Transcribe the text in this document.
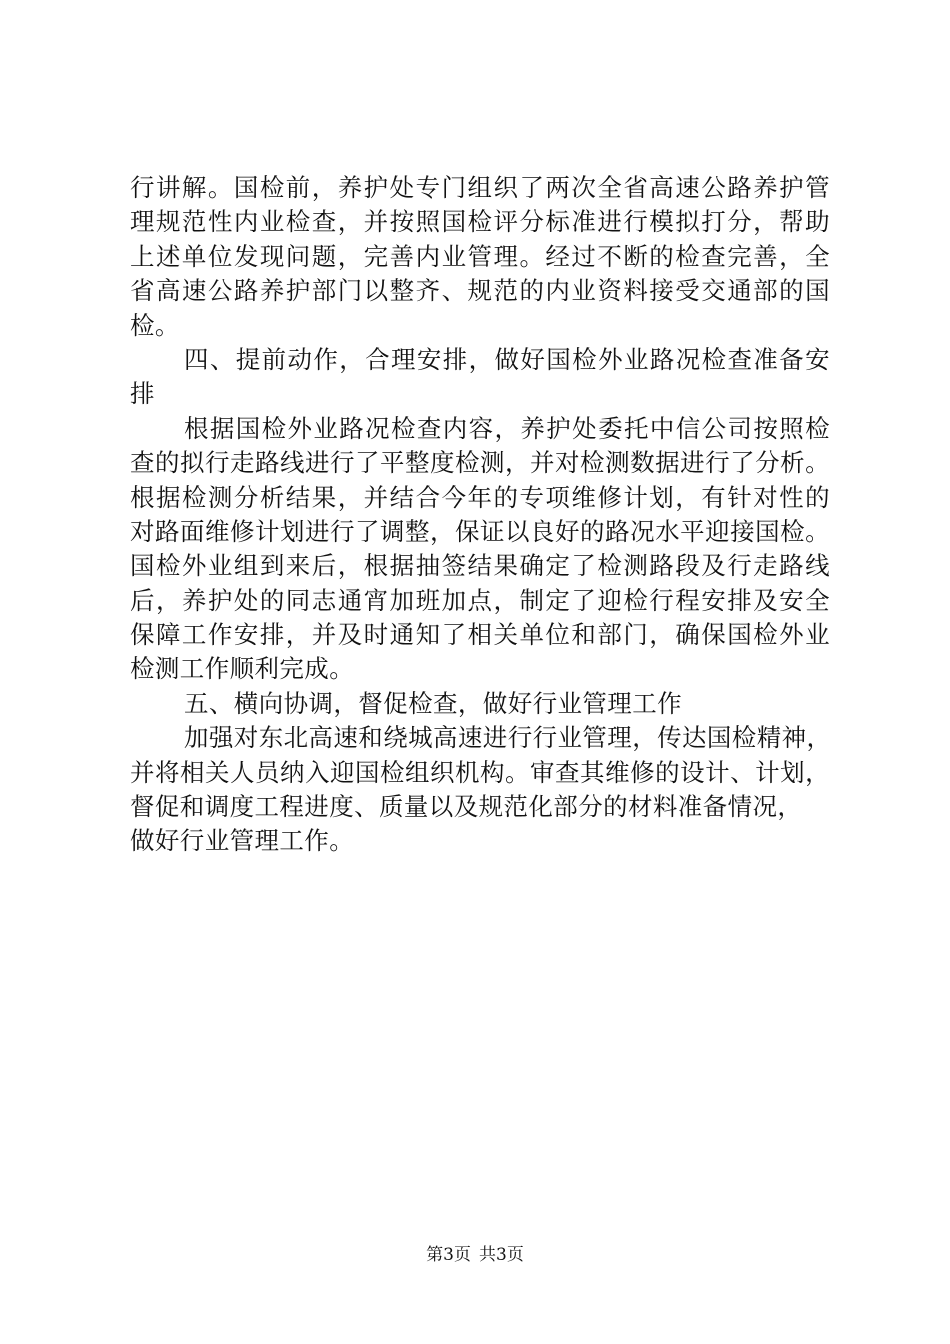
行讲解。国检前，养护处专门组织了两次全省高速公路养护管
理规范性内业检查，并按照国检评分标准进行模拟打分，帮助
上述单位发现问题，完善内业管理。经过不断的检查完善，全
省高速公路养护部门以整齐、规范的内业资料接受交通部的国
检。
四、提前动作，合理安排，做好国检外业路况检查准备安
排
根据国检外业路况检查内容，养护处委托中信公司按照检
查的拟行走路线进行了平整度检测，并对检测数据进行了分析。
根据检测分析结果，并结合今年的专项维修计划，有针对性的
对路面维修计划进行了调整，保证以良好的路况水平迎接国检。
国检外业组到来后，根据抽签结果确定了检测路段及行走路线
后，养护处的同志通宵加班加点，制定了迎检行程安排及安全
保障工作安排，并及时通知了相关单位和部门，确保国检外业
检测工作顺利完成。
五、横向协调，督促检查，做好行业管理工作
加强对东北高速和绕城高速进行行业管理，传达国检精神，
并将相关人员纳入迎国检组织机构。审查其维修的设计、计划，
督促和调度工程进度、质量以及规范化部分的材料准备情况，
做好行业管理工作。
第3页 共3页
